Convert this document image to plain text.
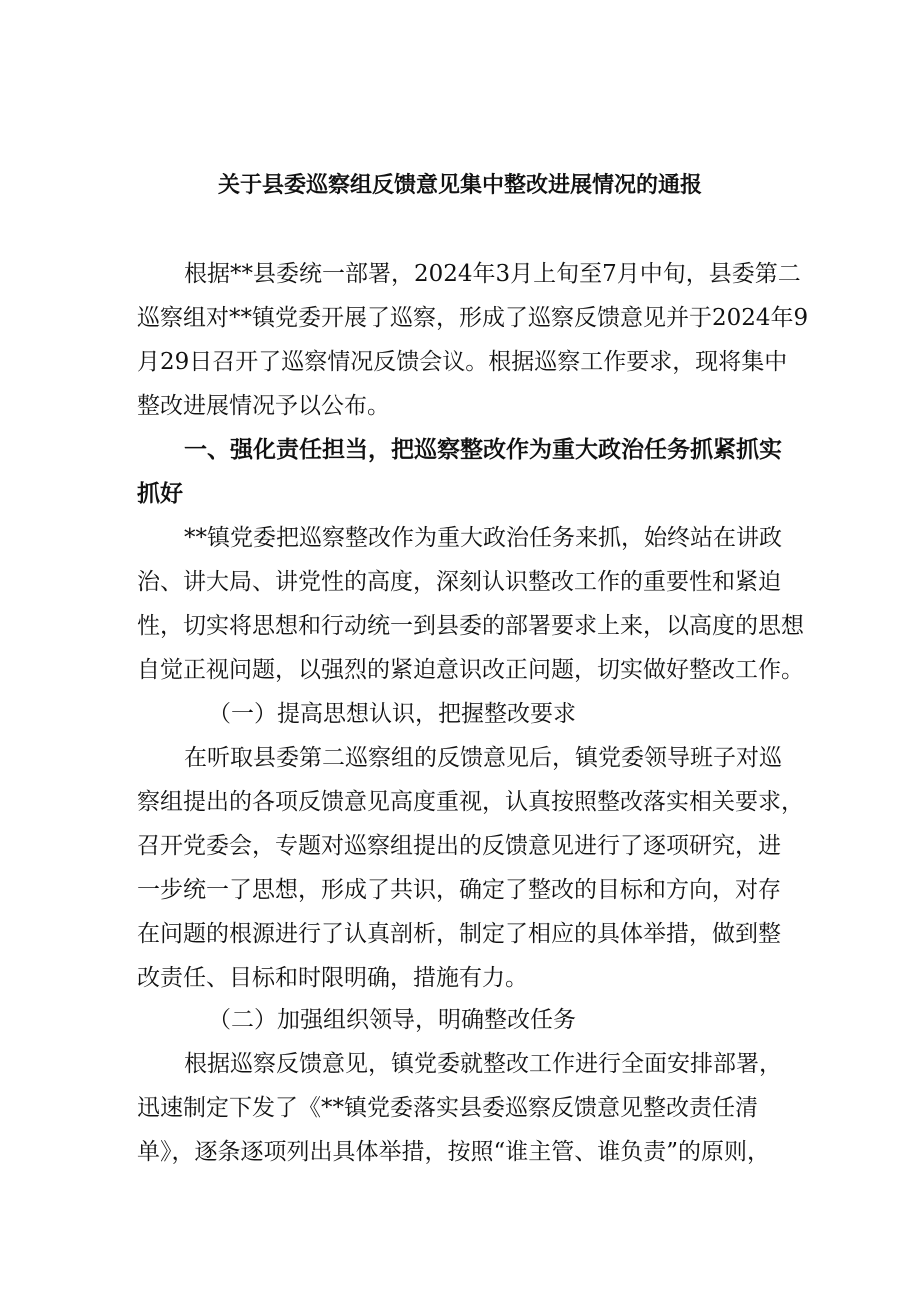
关于县委巡察组反馈意见集中整改进展情况的通报
根据**县委统一部署，2024年3月上旬至7月中旬，县委第二
巡察组对**镇党委开展了巡察，形成了巡察反馈意见并于2024年9
月29日召开了巡察情况反馈会议。根据巡察工作要求，现将集中
整改进展情况予以公布。
一、强化责任担当，把巡察整改作为重大政治任务抓紧抓实
抓好
**镇党委把巡察整改作为重大政治任务来抓，始终站在讲政
治、讲大局、讲党性的高度，深刻认识整改工作的重要性和紧迫
性，切实将思想和行动统一到县委的部署要求上来，以高度的思想
自觉正视问题，以强烈的紧迫意识改正问题，切实做好整改工作。
（一）提高思想认识，把握整改要求
在听取县委第二巡察组的反馈意见后，镇党委领导班子对巡
察组提出的各项反馈意见高度重视，认真按照整改落实相关要求，
召开党委会，专题对巡察组提出的反馈意见进行了逐项研究，进
一步统一了思想，形成了共识，确定了整改的目标和方向，对存
在问题的根源进行了认真剖析，制定了相应的具体举措，做到整
改责任、目标和时限明确，措施有力。
（二）加强组织领导，明确整改任务
根据巡察反馈意见，镇党委就整改工作进行全面安排部署，
迅速制定下发了《**镇党委落实县委巡察反馈意见整改责任清
单》，逐条逐项列出具体举措，按照“谁主管、谁负责”的原则，
